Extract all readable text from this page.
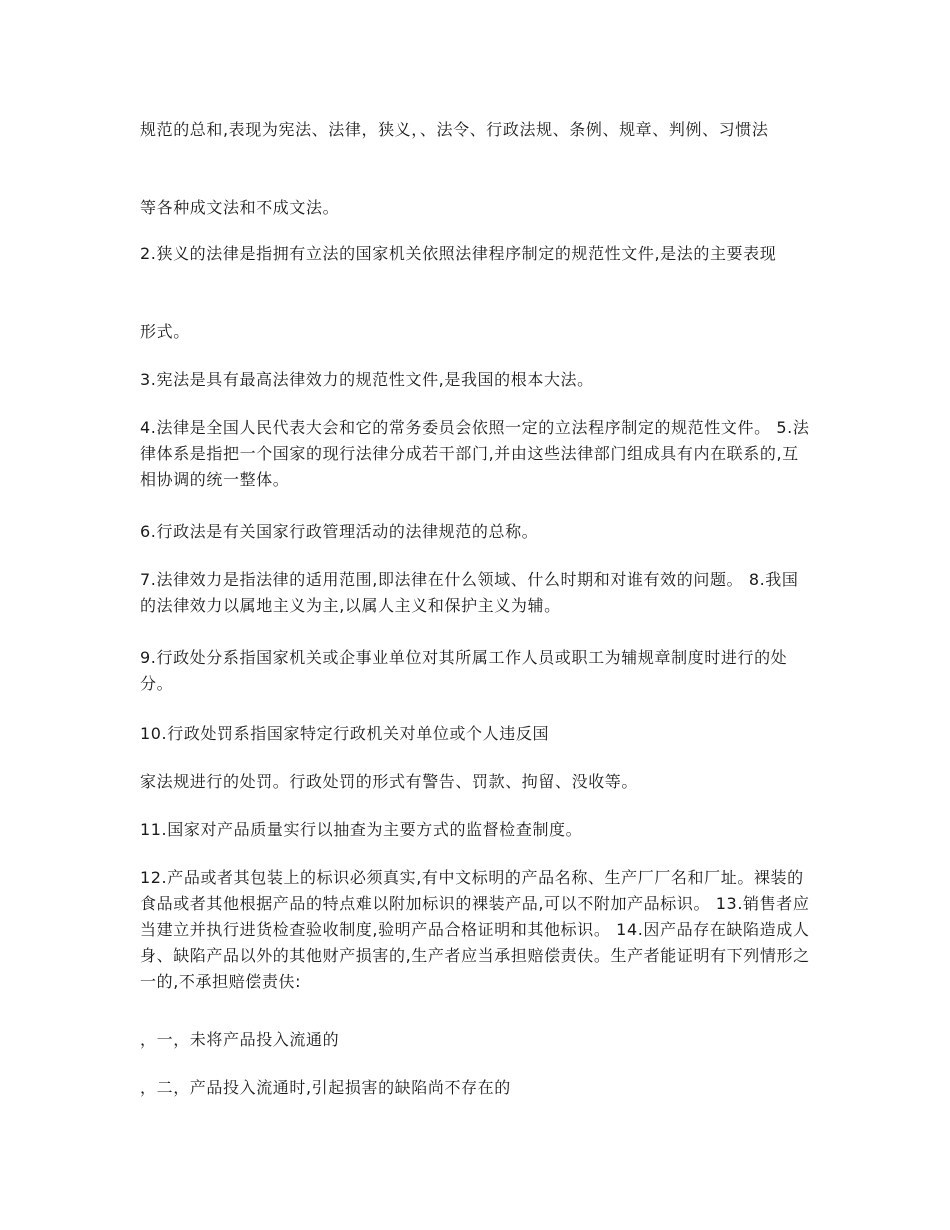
规范的总和,表现为宪法、法律，狭义，、法令、行政法规、条例、规章、判例、习惯法

等各种成文法和不成文法。

2.狭义的法律是指拥有立法的国家机关依照法律程序制定的规范性文件,是法的主要表现

形式。

3.宪法是具有最高法律效力的规范性文件,是我国的根本大法。

4.法律是全国人民代表大会和它的常务委员会依照一定的立法程序制定的规范性文件。 5.法律体系是指把一个国家的现行法律分成若干部门,并由这些法律部门组成具有内在联系的,互相协调的统一整体。

6.行政法是有关国家行政管理活动的法律规范的总称。

7.法律效力是指法律的适用范围,即法律在什么领域、什么时期和对谁有效的问题。 8.我国的法律效力以属地主义为主,以属人主义和保护主义为辅。

9.行政处分系指国家机关或企事业单位对其所属工作人员或职工为辅规章制度时进行的处分。

10.行政处罚系指国家特定行政机关对单位或个人违反国

家法规进行的处罚。行政处罚的形式有警告、罚款、拘留、没收等。

11.国家对产品质量实行以抽查为主要方式的监督检查制度。

12.产品或者其包装上的标识必须真实,有中文标明的产品名称、生产厂厂名和厂址。裸装的食品或者其他根据产品的特点难以附加标识的裸装产品,可以不附加产品标识。 13.销售者应当建立并执行进货检查验收制度,验明产品合格证明和其他标识。 14.因产品存在缺陷造成人身、缺陷产品以外的其他财产损害的,生产者应当承担赔偿责伕。生产者能证明有下列情形之一的,不承担赔偿责伕:

，一，未将产品投入流通的

，二，产品投入流通时,引起损害的缺陷尚不存在的
